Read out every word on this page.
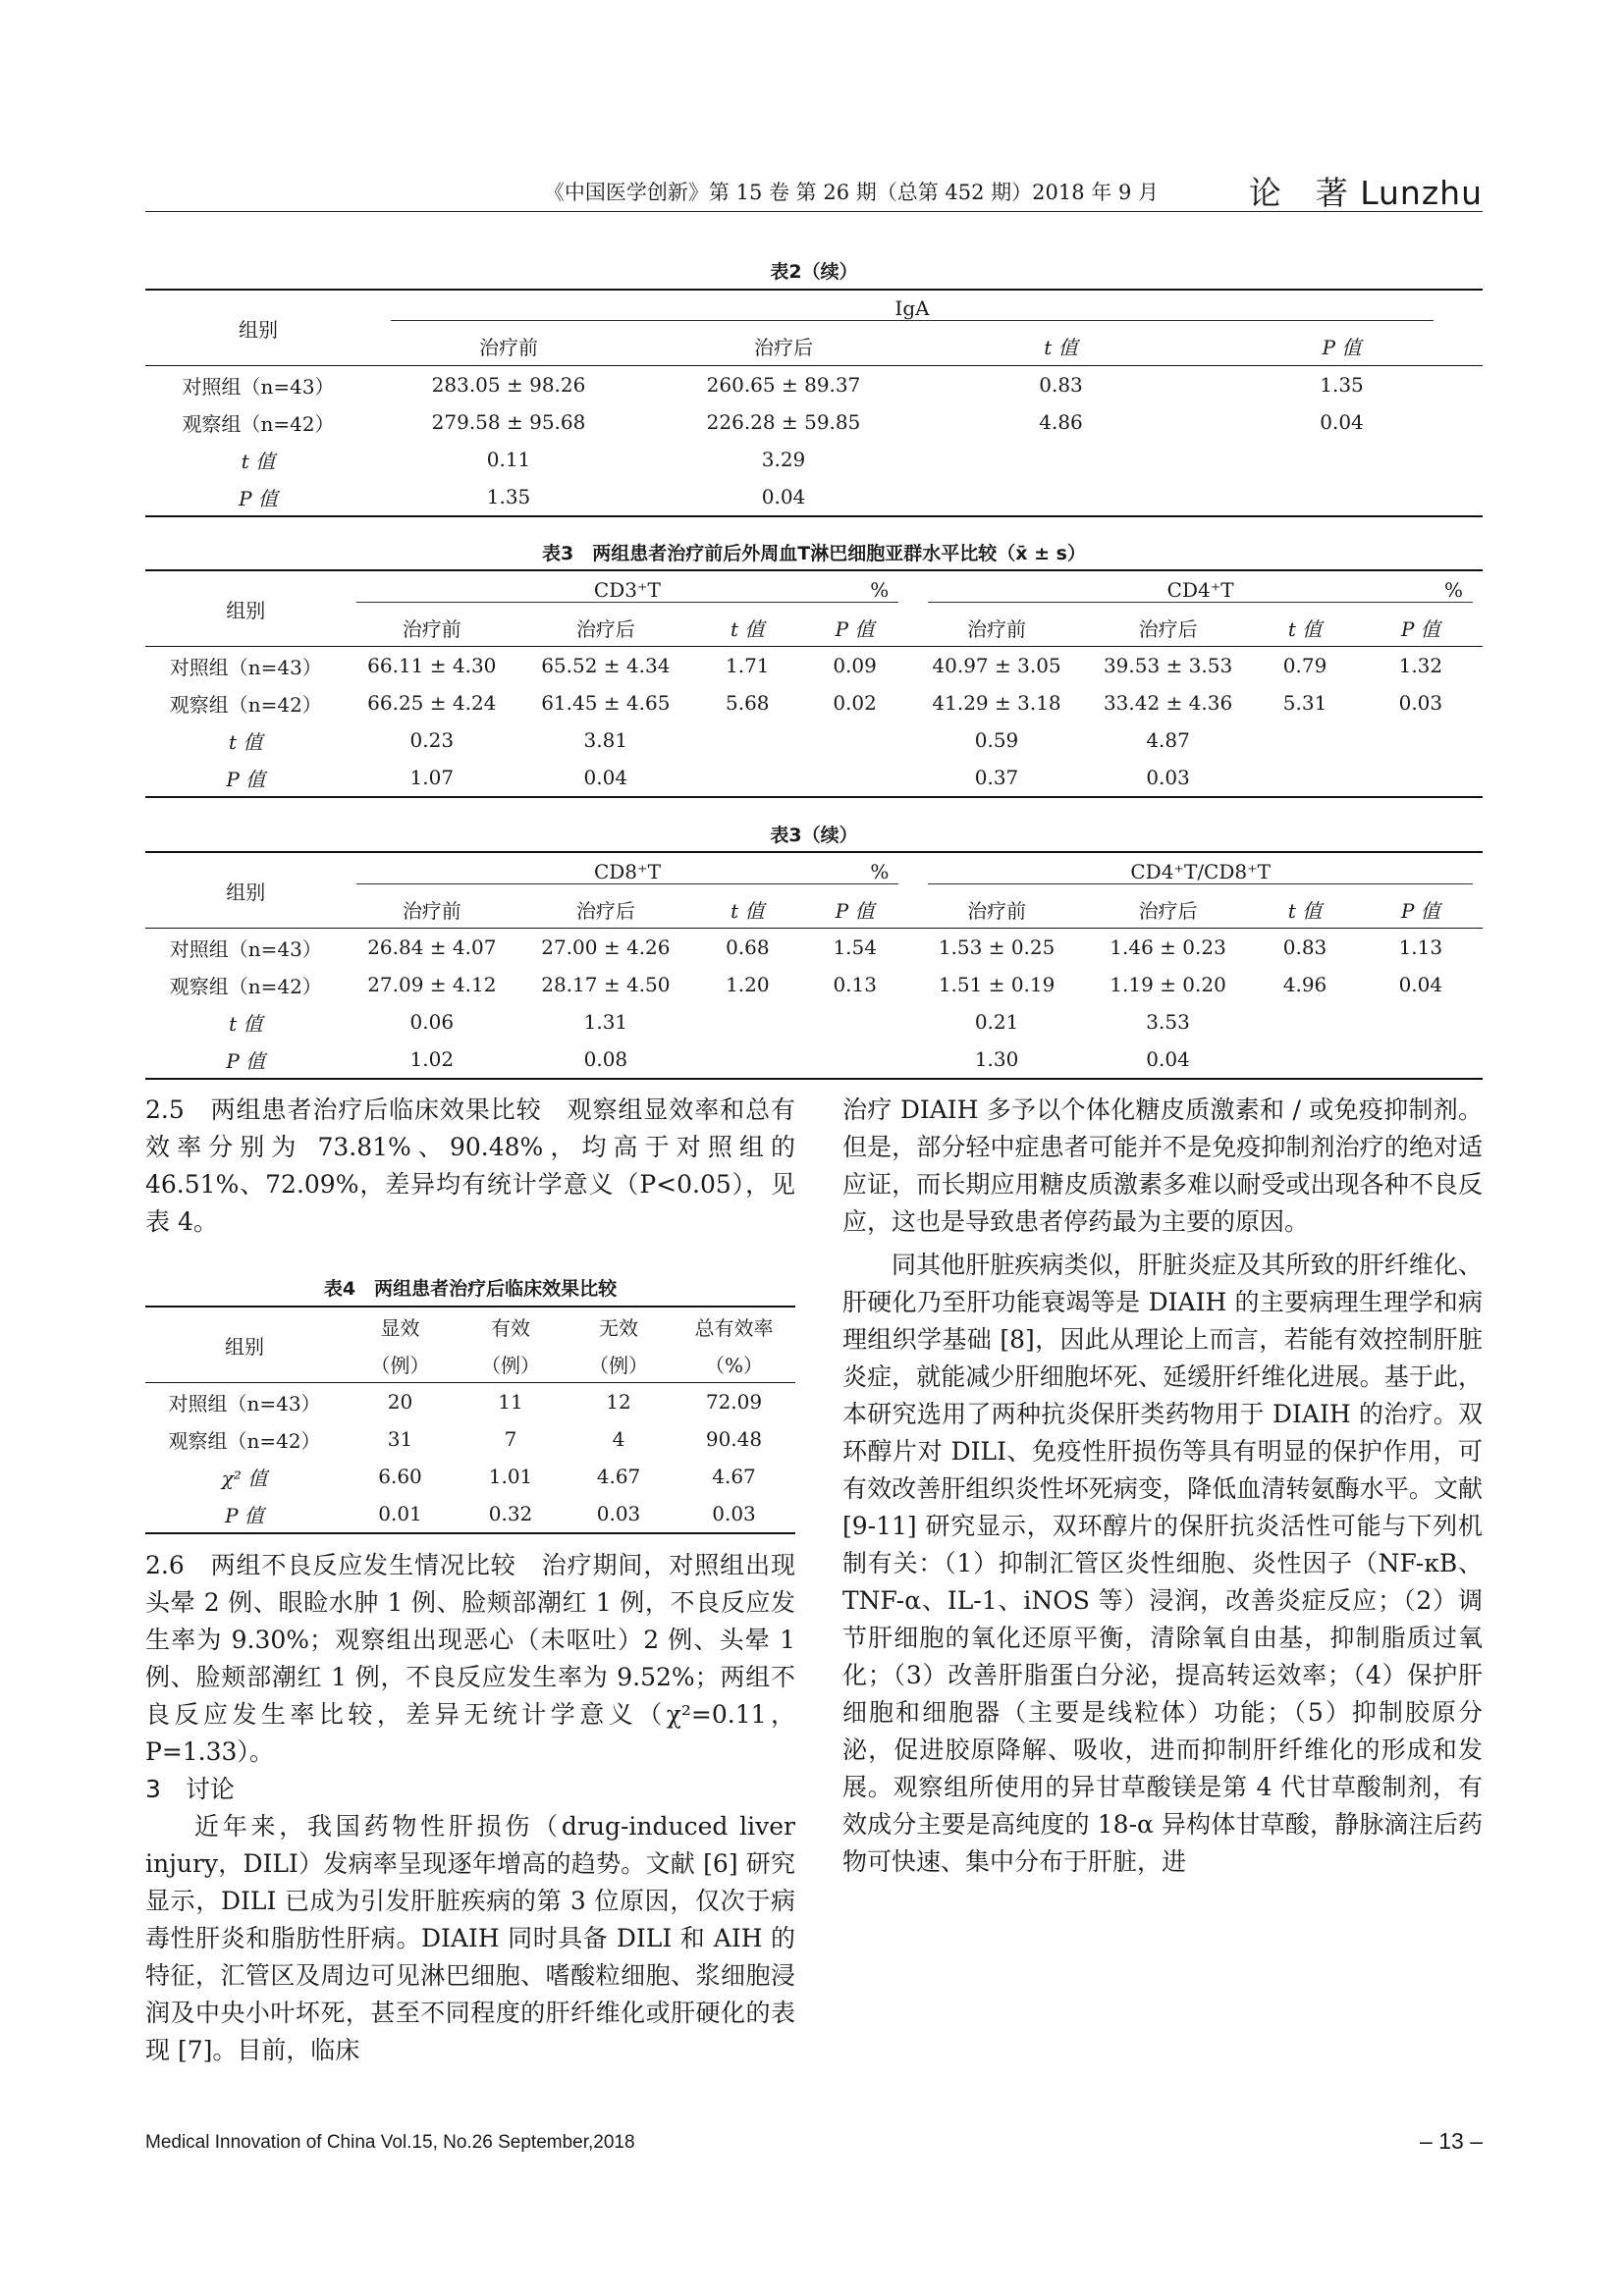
《中国医学创新》第 15 卷 第 26 期（总第 452 期）2018 年 9 月	论　著 Lunzhu
表2（续）
组别	IgA			

	治疗前	治疗后	t 值	P 值
对照组（n=43）	283.05 ± 98.26	260.65 ± 89.37	0.83	1.35
观察组（n=42）	279.58 ± 95.68	226.28 ± 59.85	4.86	0.04
t 值	0.11	3.29		
P 值	1.35	0.04		
表3　两组患者治疗前后外周血T淋巴细胞亚群水平比较（x̄ ± s）
组别	CD3⁺T %				CD4⁺T %			

	治疗前	治疗后	t 值	P 值	治疗前	治疗后	t 值	P 值
对照组（n=43）	66.11 ± 4.30	65.52 ± 4.34	1.71	0.09	40.97 ± 3.05	39.53 ± 3.53	0.79	1.32
观察组（n=42）	66.25 ± 4.24	61.45 ± 4.65	5.68	0.02	41.29 ± 3.18	33.42 ± 4.36	5.31	0.03
t 值	0.23	3.81			0.59	4.87		
P 值	1.07	0.04			0.37	0.03		
表3（续）
组别	CD8⁺T %				CD4⁺T/CD8⁺T			

	治疗前	治疗后	t 值	P 值	治疗前	治疗后	t 值	P 值
对照组（n=43）	26.84 ± 4.07	27.00 ± 4.26	0.68	1.54	1.53 ± 0.25	1.46 ± 0.23	0.83	1.13
观察组（n=42）	27.09 ± 4.12	28.17 ± 4.50	1.20	0.13	1.51 ± 0.19	1.19 ± 0.20	4.96	0.04
t 值	0.06	1.31			0.21	3.53		
P 值	1.02	0.08			1.30	0.04		

2.5　两组患者治疗后临床效果比较　观察组显效率和总有效率分别为 73.81%、90.48%，均高于对照组的 46.51%、72.09%，差异均有统计学意义（P<0.05），见表 4。

表4　两组患者治疗后临床效果比较
组别	显效	有效	无效	总有效率
	（例）	（例）	（例）	（%）
对照组（n=43）	20	11	12	72.09
观察组（n=42）	31	7	4	90.48
χ² 值	6.60	1.01	4.67	4.67
P 值	0.01	0.32	0.03	0.03

2.6　两组不良反应发生情况比较　治疗期间，对照组出现头晕 2 例、眼睑水肿 1 例、脸颊部潮红 1 例，不良反应发生率为 9.30%；观察组出现恶心（未呕吐）2 例、头晕 1 例、脸颊部潮红 1 例，不良反应发生率为 9.52%；两组不良反应发生率比较，差异无统计学意义（χ²=0.11，P=1.33）。

3　讨论

近年来，我国药物性肝损伤（drug-induced liver injury，DILI）发病率呈现逐年增高的趋势。文献 [6] 研究显示，DILI 已成为引发肝脏疾病的第 3 位原因，仅次于病毒性肝炎和脂肪性肝病。DIAIH 同时具备 DILI 和 AIH 的特征，汇管区及周边可见淋巴细胞、嗜酸粒细胞、浆细胞浸润及中央小叶坏死，甚至不同程度的肝纤维化或肝硬化的表现 [7]。目前，临床

治疗 DIAIH 多予以个体化糖皮质激素和 / 或免疫抑制剂。但是，部分轻中症患者可能并不是免疫抑制剂治疗的绝对适应证，而长期应用糖皮质激素多难以耐受或出现各种不良反应，这也是导致患者停药最为主要的原因。

同其他肝脏疾病类似，肝脏炎症及其所致的肝纤维化、肝硬化乃至肝功能衰竭等是 DIAIH 的主要病理生理学和病理组织学基础 [8]，因此从理论上而言，若能有效控制肝脏炎症，就能减少肝细胞坏死、延缓肝纤维化进展。基于此，本研究选用了两种抗炎保肝类药物用于 DIAIH 的治疗。双环醇片对 DILI、免疫性肝损伤等具有明显的保护作用，可有效改善肝组织炎性坏死病变，降低血清转氨酶水平。文献 [9-11] 研究显示，双环醇片的保肝抗炎活性可能与下列机制有关：（1）抑制汇管区炎性细胞、炎性因子（NF-κB、TNF-α、IL-1、iNOS 等）浸润，改善炎症反应；（2）调节肝细胞的氧化还原平衡，清除氧自由基，抑制脂质过氧化；（3）改善肝脂蛋白分泌，提高转运效率；（4）保护肝细胞和细胞器（主要是线粒体）功能；（5）抑制胶原分泌，促进胶原降解、吸收，进而抑制肝纤维化的形成和发展。观察组所使用的异甘草酸镁是第 4 代甘草酸制剂，有效成分主要是高纯度的 18-α 异构体甘草酸，静脉滴注后药物可快速、集中分布于肝脏，进

Medical Innovation of China Vol.15, No.26 September,2018	– 13 –
